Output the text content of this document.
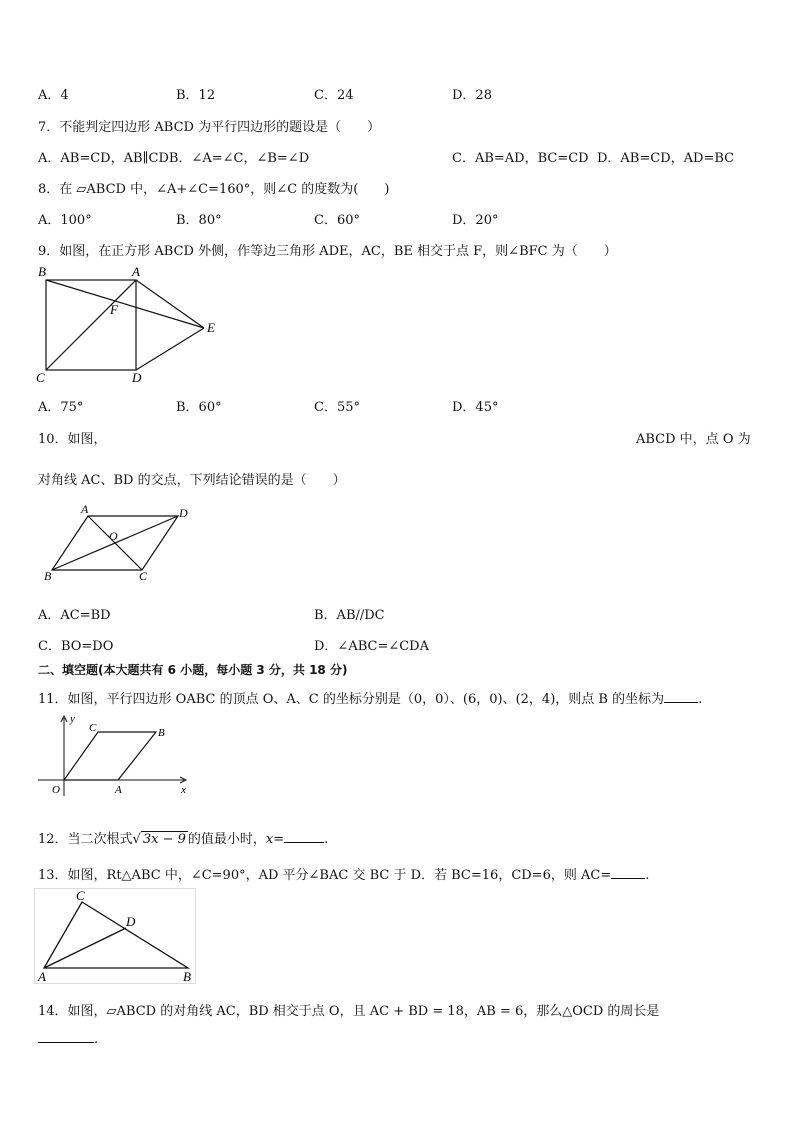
A．4	B．12	C．24	D．28
7．不能判定四边形 ABCD 为平行四边形的题设是（　　）
A．AB=CD，AB∥CDB．∠A=∠C，∠B=∠D	C．AB=AD，BC=CD D．AB=CD，AD=BC
8．在 ▱ABCD 中，∠A+∠C=160°，则∠C 的度数为(　　)
A．100°	B．80°	C．60°	D．20°
9．如图，在正方形 ABCD 外侧，作等边三角形 ADE，AC，BE 相交于点 F，则∠BFC 为（　　）
B	A
F
E
C	D
A．75°	B．60°	C．55°	D．45°
10．如图，	ABCD 中，点 O 为
对角线 AC、BD 的交点，下列结论错误的是（　　）
A	D
O
B	C
A．AC=BD	B．AB//DC
C．BO=DO	D．∠ABC=∠CDA
二、填空题(本大题共有 6 小题，每小题 3 分，共 18 分)
11．如图，平行四边形 OABC 的顶点 O、A、C 的坐标分别是（0，0）、(6，0)、(2，4)，则点 B 的坐标为	.
y
C	B
O	A	x
12．当二次根式√ 3x − 9 的值最小时，x=	.
13．如图，Rt△ABC 中，∠C=90°，AD 平分∠BAC 交 BC 于 D．若 BC=16，CD=6，则 AC=	.
C
D
A	B
14．如图，▱ABCD 的对角线 AC，BD 相交于点 O，且 AC + BD = 18，AB = 6，那么△OCD 的周长是
.
